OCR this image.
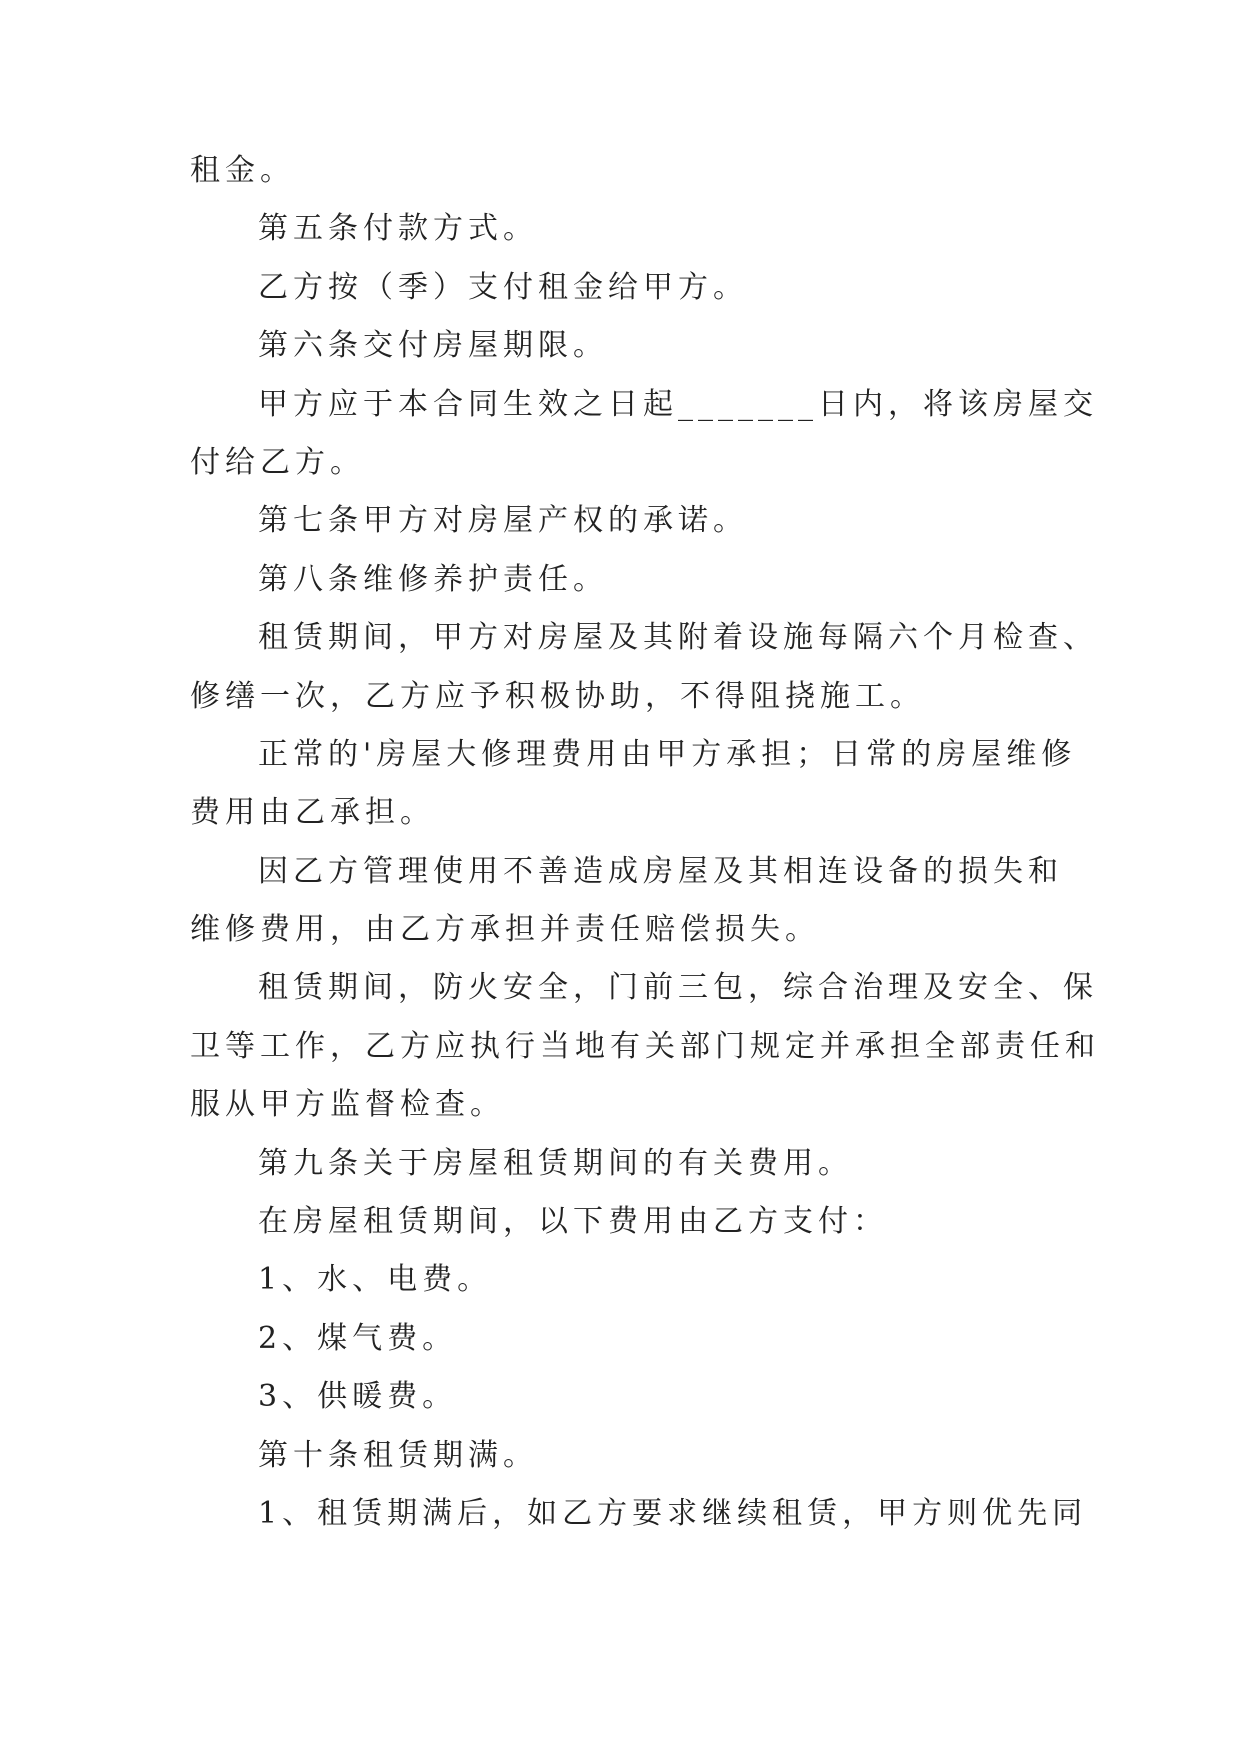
租金。
第五条付款方式。
乙方按（季）支付租金给甲方。
第六条交付房屋期限。
甲方应于本合同生效之日起_______日内，将该房屋交
付给乙方。
第七条甲方对房屋产权的承诺。
第八条维修养护责任。
租赁期间，甲方对房屋及其附着设施每隔六个月检查、
修缮一次，乙方应予积极协助，不得阻挠施工。
正常的'房屋大修理费用由甲方承担；日常的房屋维修
费用由乙承担。
因乙方管理使用不善造成房屋及其相连设备的损失和
维修费用，由乙方承担并责任赔偿损失。
租赁期间，防火安全，门前三包，综合治理及安全、保
卫等工作，乙方应执行当地有关部门规定并承担全部责任和
服从甲方监督检查。
第九条关于房屋租赁期间的有关费用。
在房屋租赁期间，以下费用由乙方支付：
1、水、电费。
2、煤气费。
3、供暖费。
第十条租赁期满。
1、租赁期满后，如乙方要求继续租赁，甲方则优先同
